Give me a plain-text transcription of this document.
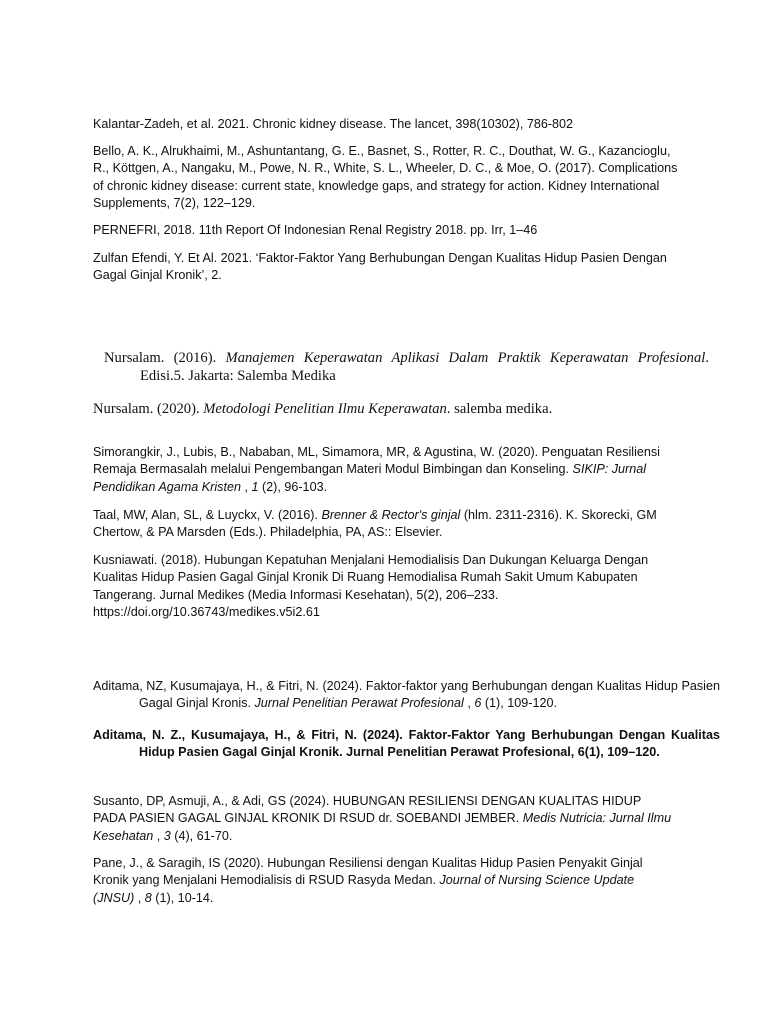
Kalantar-Zadeh, et al. 2021. Chronic kidney disease. The lancet, 398(10302), 786-802

Bello, A. K., Alrukhaimi, M., Ashuntantang, G. E., Basnet, S., Rotter, R. C., Douthat, W. G., Kazancioglu, R., Köttgen, A., Nangaku, M., Powe, N. R., White, S. L., Wheeler, D. C., & Moe, O. (2017). Complications of chronic kidney disease: current state, knowledge gaps, and strategy for action. Kidney International Supplements, 7(2), 122–129.

PERNEFRI, 2018. 11th Report Of Indonesian Renal Registry 2018. pp. Irr, 1–46

Zulfan Efendi, Y. Et Al. 2021. ‘Faktor-Faktor Yang Berhubungan Dengan Kualitas Hidup Pasien Dengan Gagal Ginjal Kronik’, 2.

Nursalam. (2016). Manajemen Keperawatan Aplikasi Dalam Praktik Keperawatan Profesional. Edisi.5. Jakarta: Salemba Medika

Nursalam. (2020). Metodologi Penelitian Ilmu Keperawatan. salemba medika.

Simorangkir, J., Lubis, B., Nababan, ML, Simamora, MR, & Agustina, W. (2020). Penguatan Resiliensi Remaja Bermasalah melalui Pengembangan Materi Modul Bimbingan dan Konseling. SIKIP: Jurnal Pendidikan Agama Kristen , 1 (2), 96-103.

Taal, MW, Alan, SL, & Luyckx, V. (2016). Brenner & Rector's ginjal (hlm. 2311-2316). K. Skorecki, GM Chertow, & PA Marsden (Eds.). Philadelphia, PA, AS:: Elsevier.

Kusniawati. (2018). Hubungan Kepatuhan Menjalani Hemodialisis Dan Dukungan Keluarga Dengan Kualitas Hidup Pasien Gagal Ginjal Kronik Di Ruang Hemodialisa Rumah Sakit Umum Kabupaten Tangerang. Jurnal Medikes (Media Informasi Kesehatan), 5(2), 206–233. https://doi.org/10.36743/medikes.v5i2.61

Aditama, NZ, Kusumajaya, H., & Fitri, N. (2024). Faktor-faktor yang Berhubungan dengan Kualitas Hidup Pasien Gagal Ginjal Kronis. Jurnal Penelitian Perawat Profesional , 6 (1), 109-120.

Aditama, N. Z., Kusumajaya, H., & Fitri, N. (2024). Faktor-Faktor Yang Berhubungan Dengan Kualitas Hidup Pasien Gagal Ginjal Kronik. Jurnal Penelitian Perawat Profesional, 6(1), 109–120.

Susanto, DP, Asmuji, A., & Adi, GS (2024). HUBUNGAN RESILIENSI DENGAN KUALITAS HIDUP PADA PASIEN GAGAL GINJAL KRONIK DI RSUD dr. SOEBANDI JEMBER. Medis Nutricia: Jurnal Ilmu Kesehatan , 3 (4), 61-70.

Pane, J., & Saragih, IS (2020). Hubungan Resiliensi dengan Kualitas Hidup Pasien Penyakit Ginjal Kronik yang Menjalani Hemodialisis di RSUD Rasyda Medan. Journal of Nursing Science Update (JNSU) , 8 (1), 10-14.
